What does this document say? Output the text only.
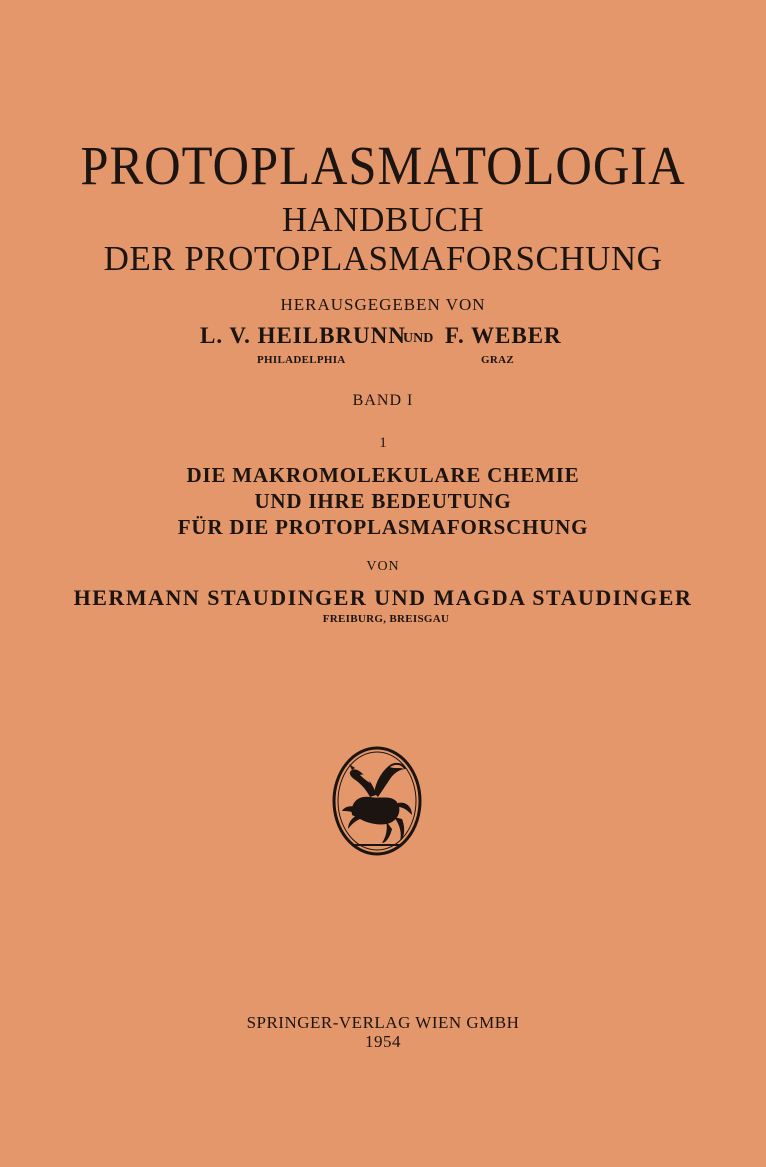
PROTOPLASMATOLOGIA
HANDBUCH
DER PROTOPLASMAFORSCHUNG
HERAUSGEGEBEN VON
L. V. HEILBRUNN
UND F. WEBER
PHILADELPHIA	GRAZ
BAND I
1
DIE MAKROMOLEKULARE CHEMIE
UND IHRE BEDEUTUNG
FÜR DIE PROTOPLASMAFORSCHUNG
VON
HERMANN STAUDINGER UND MAGDA STAUDINGER
FREIBURG, BREISGAU
SPRINGER-VERLAG WIEN GMBH
1954
